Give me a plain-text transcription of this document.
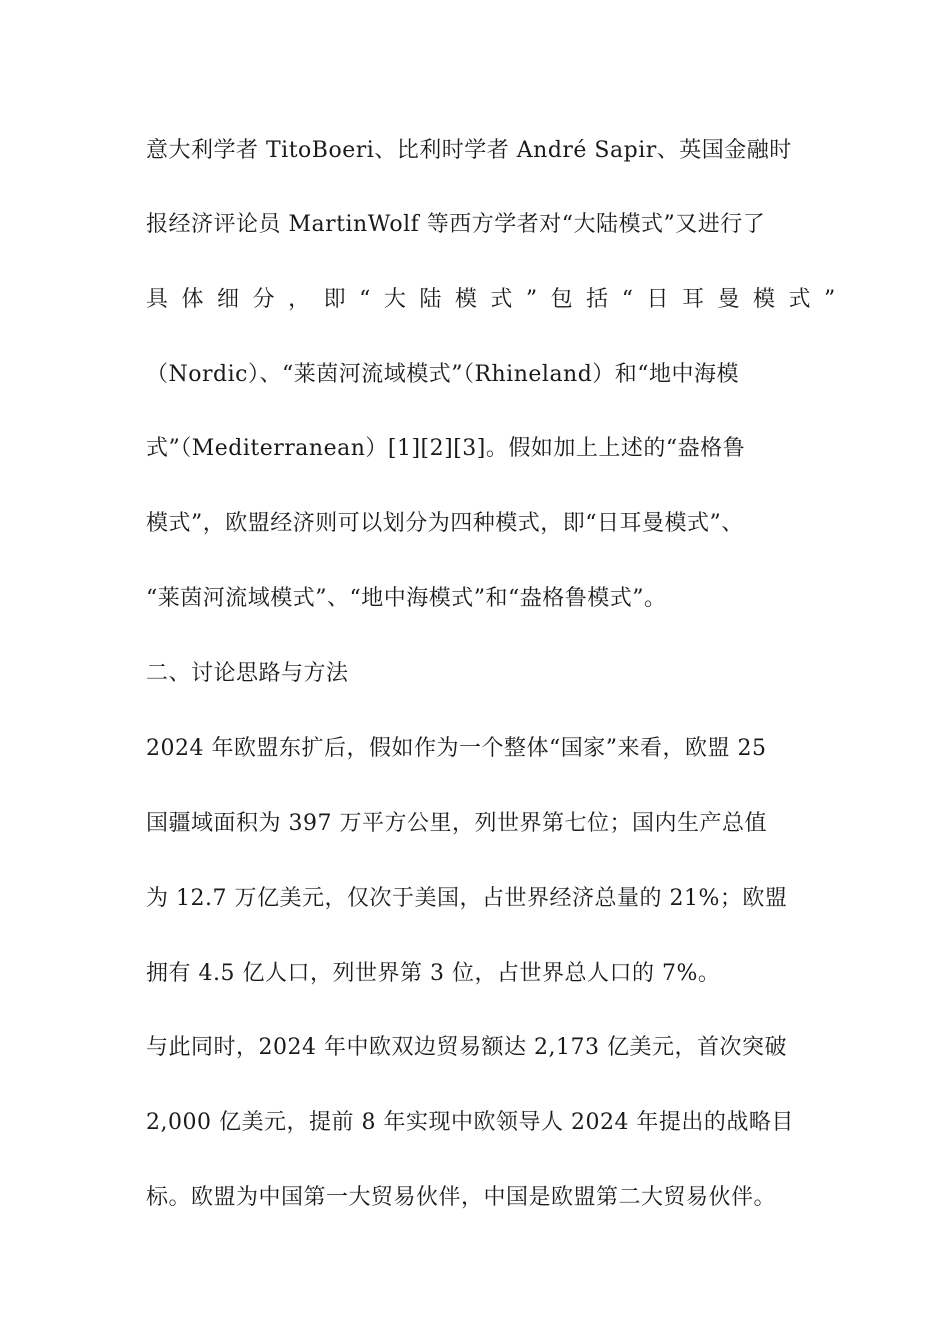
意大利学者 TitoBoeri、比利时学者 André Sapir、英国金融时
报经济评论员 MartinWolf 等西方学者对“大陆模式”又进行了
具 体 细 分 ， 即 “ 大 陆 模 式 ” 包 括 “ 日 耳 曼 模 式 ”
（Nordic）、“莱茵河流域模式”（Rhineland）和“地中海模
式”（Mediterranean）[1][2][3]。假如加上上述的“盎格鲁
模式”，欧盟经济则可以划分为四种模式，即“日耳曼模式”、
“莱茵河流域模式”、“地中海模式”和“盎格鲁模式”。
二、讨论思路与方法
2024 年欧盟东扩后，假如作为一个整体“国家”来看，欧盟 25
国疆域面积为 397 万平方公里，列世界第七位；国内生产总值
为 12.7 万亿美元，仅次于美国，占世界经济总量的 21%；欧盟
拥有 4.5 亿人口，列世界第 3 位，占世界总人口的 7%。
与此同时，2024 年中欧双边贸易额达 2,173 亿美元，首次突破
2,000 亿美元，提前 8 年实现中欧领导人 2024 年提出的战略目
标。欧盟为中国第一大贸易伙伴，中国是欧盟第二大贸易伙伴。
